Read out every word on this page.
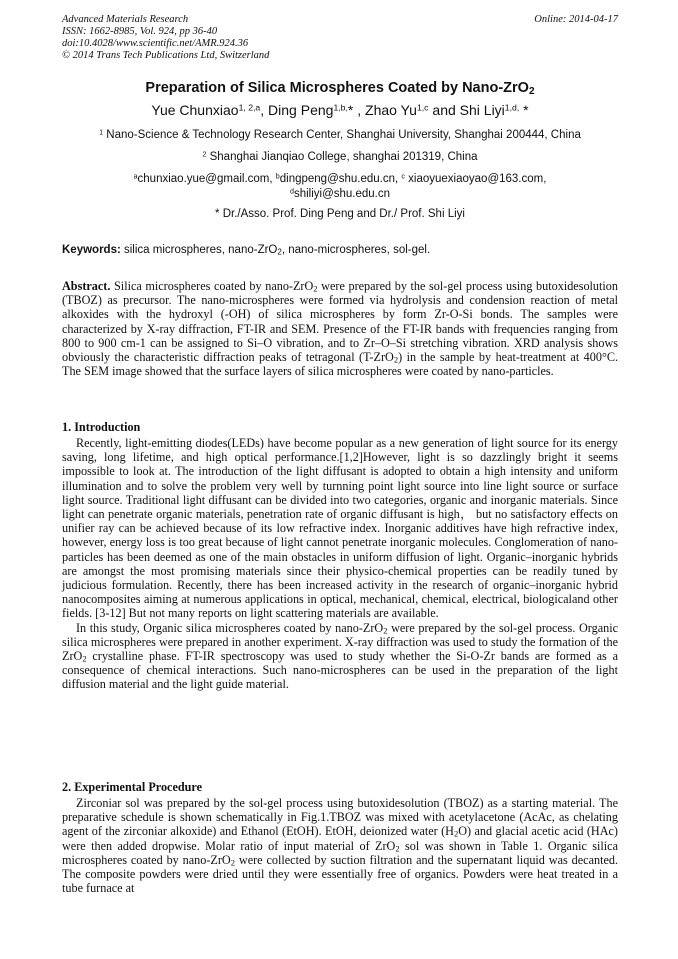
Advanced Materials Research
ISSN: 1662-8985, Vol. 924, pp 36-40
doi:10.4028/www.scientific.net/AMR.924.36
© 2014 Trans Tech Publications Ltd, Switzerland
Online: 2014-04-17
Preparation of Silica Microspheres Coated by Nano-ZrO$_2$
Yue Chunxiao$^{1, 2,a}$, Ding Peng$^{1,b,}$* , Zhao Yu$^{1,c}$ and Shi Liyi$^{1,d,}$ *
$^1$ Nano-Science & Technology Research Center, Shanghai University, Shanghai 200444, China
$^2$ Shanghai Jianqiao College, shanghai 201319, China
$^a$chunxiao.yue@gmail.com, $^b$dingpeng@shu.edu.cn, $^c$ xiaoyuexiaoyao@163.com,
$^d$shiliyi@shu.edu.cn
* Dr./Asso. Prof. Ding Peng and Dr./ Prof. Shi Liyi
Keywords: silica microspheres, nano-ZrO$_2$, nano-microspheres, sol-gel.

Abstract. Silica microspheres coated by nano-ZrO$_2$ were prepared by the sol-gel process using butoxidesolution (TBOZ) as precursor. The nano-microspheres were formed via hydrolysis and condension reaction of metal alkoxides with the hydroxyl (-OH) of silica microspheres by form Zr-O-Si bonds. The samples were characterized by X-ray diffraction, FT-IR and SEM. Presence of the FT-IR bands with frequencies ranging from 800 to 900 cm-1 can be assigned to Si–O vibration, and to Zr–O–Si stretching vibration. XRD analysis shows obviously the characteristic diffraction peaks of tetragonal (T-ZrO$_2$) in the sample by heat-treatment at 400°C. The SEM image showed that the surface layers of silica microspheres were coated by nano-particles.

1. Introduction

Recently, light-emitting diodes(LEDs) have become popular as a new generation of light source for its energy saving, long lifetime, and high optical performance.[1,2]However, light is so dazzlingly bright it seems impossible to look at. The introduction of the light diffusant is adopted to obtain a high intensity and uniform illumination and to solve the problem very well by turnning point light source into line light source or surface light source. Traditional light diffusant can be divided into two categories, organic and inorganic materials. Since light can penetrate organic materials, penetration rate of organic diffusant is high， but no satisfactory effects on unifier ray can be achieved because of its low refractive index. Inorganic additives have high refractive index, however, energy loss is too great because of light cannot penetrate inorganic molecules. Conglomeration of nano-particles has been deemed as one of the main obstacles in uniform diffusion of light. Organic–inorganic hybrids are amongst the most promising materials since their physico-chemical properties can be readily tuned by judicious formulation. Recently, there has been increased activity in the research of organic–inorganic hybrid nanocomposites aiming at numerous applications in optical, mechanical, chemical, electrical, biologicaland other fields. [3-12] But not many reports on light scattering materials are available.

In this study, Organic silica microspheres coated by nano-ZrO$_2$ were prepared by the sol-gel process. Organic silica microspheres were prepared in another experiment. X-ray diffraction was used to study the formation of the ZrO$_2$ crystalline phase. FT-IR spectroscopy was used to study whether the Si-O-Zr bands are formed as a consequence of chemical interactions. Such nano-microspheres can be used in the preparation of the light diffusion material and the light guide material.

2. Experimental Procedure

Zirconiar sol was prepared by the sol-gel process using butoxidesolution (TBOZ) as a starting material. The preparative schedule is shown schematically in Fig.1.TBOZ was mixed with acetylacetone (AcAc, as chelating agent of the zirconiar alkoxide) and Ethanol (EtOH). EtOH, deionized water $(H_2O)$ and glacial acetic acid (HAc) were then added dropwise. Molar ratio of input material of ZrO$_2$ sol was shown in Table 1. Organic silica microspheres coated by nano-ZrO$_2$ were collected by suction filtration and the supernatant liquid was decanted. The composite powders were dried until they were essentially free of organics. Powders were heat treated in a tube furnace at
